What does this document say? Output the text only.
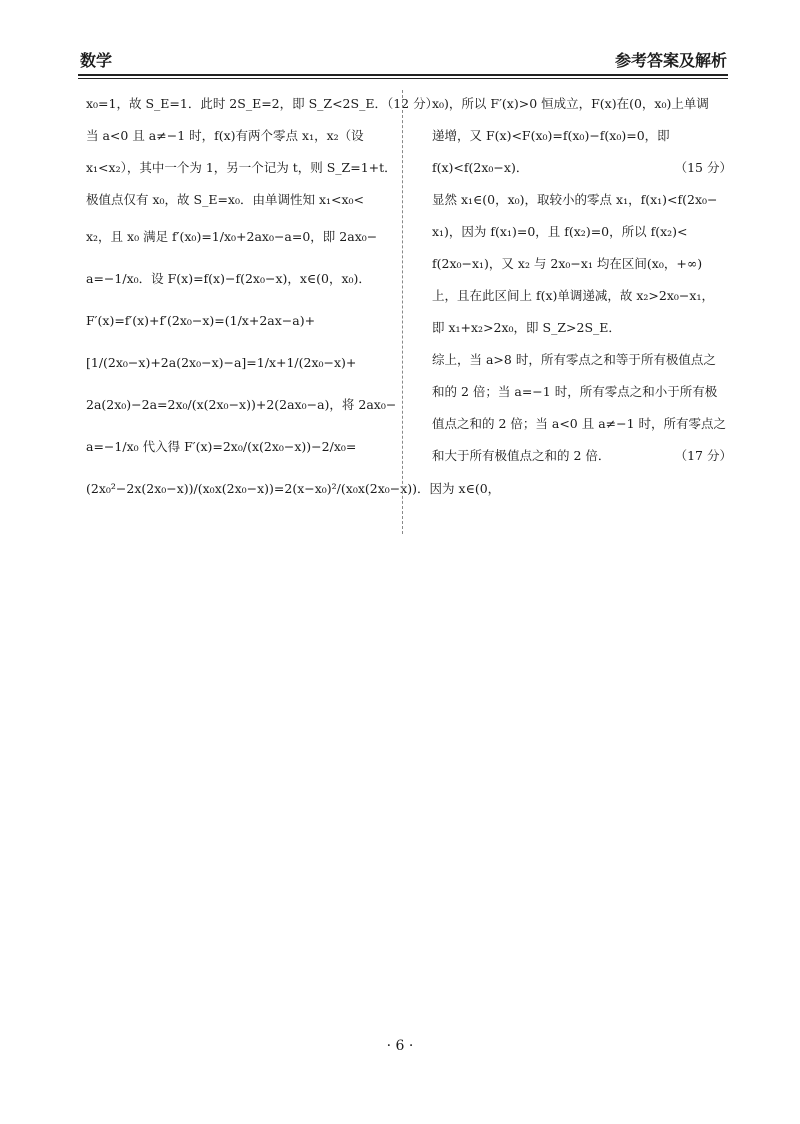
数学	参考答案及解析
x₀=1，故 S_E=1．此时 2S_E=2，即 S_Z<2S_E．（12 分）
当 a<0 且 a≠−1 时，f(x)有两个零点 x₁，x₂（设
x₁<x₂），其中一个为 1，另一个记为 t，则 S_Z=1+t．
极值点仅有 x₀，故 S_E=x₀．由单调性知 x₁<x₀<
x₂，且 x₀ 满足 f′(x₀)=1/x₀+2ax₀−a=0，即 2ax₀−
a=−1/x₀．设 F(x)=f(x)−f(2x₀−x)，x∈(0，x₀)．
F′(x)=f′(x)+f′(2x₀−x)=(1/x+2ax−a)+
[1/(2x₀−x)+2a(2x₀−x)−a]=1/x+1/(2x₀−x)+
2a(2x₀)−2a=2x₀/(x(2x₀−x))+2(2ax₀−a)，将 2ax₀−
a=−1/x₀ 代入得 F′(x)=2x₀/(x(2x₀−x))−2/x₀=
(2x₀²−2x(2x₀−x))/(x₀x(2x₀−x))=2(x−x₀)²/(x₀x(2x₀−x))．因为 x∈(0，
x₀)，所以 F′(x)>0 恒成立，F(x)在(0，x₀)上单调
递增，又 F(x)<F(x₀)=f(x₀)−f(x₀)=0，即
f(x)<f(2x₀−x)．	（15 分）
显然 x₁∈(0，x₀)，取较小的零点 x₁，f(x₁)<f(2x₀−
x₁)，因为 f(x₁)=0，且 f(x₂)=0，所以 f(x₂)<
f(2x₀−x₁)，又 x₂ 与 2x₀−x₁ 均在区间(x₀，+∞)
上，且在此区间上 f(x)单调递减，故 x₂>2x₀−x₁，
即 x₁+x₂>2x₀，即 S_Z>2S_E．
综上，当 a>8 时，所有零点之和等于所有极值点之
和的 2 倍；当 a=−1 时，所有零点之和小于所有极
值点之和的 2 倍；当 a<0 且 a≠−1 时，所有零点之
和大于所有极值点之和的 2 倍．	（17 分）
· 6 ·
